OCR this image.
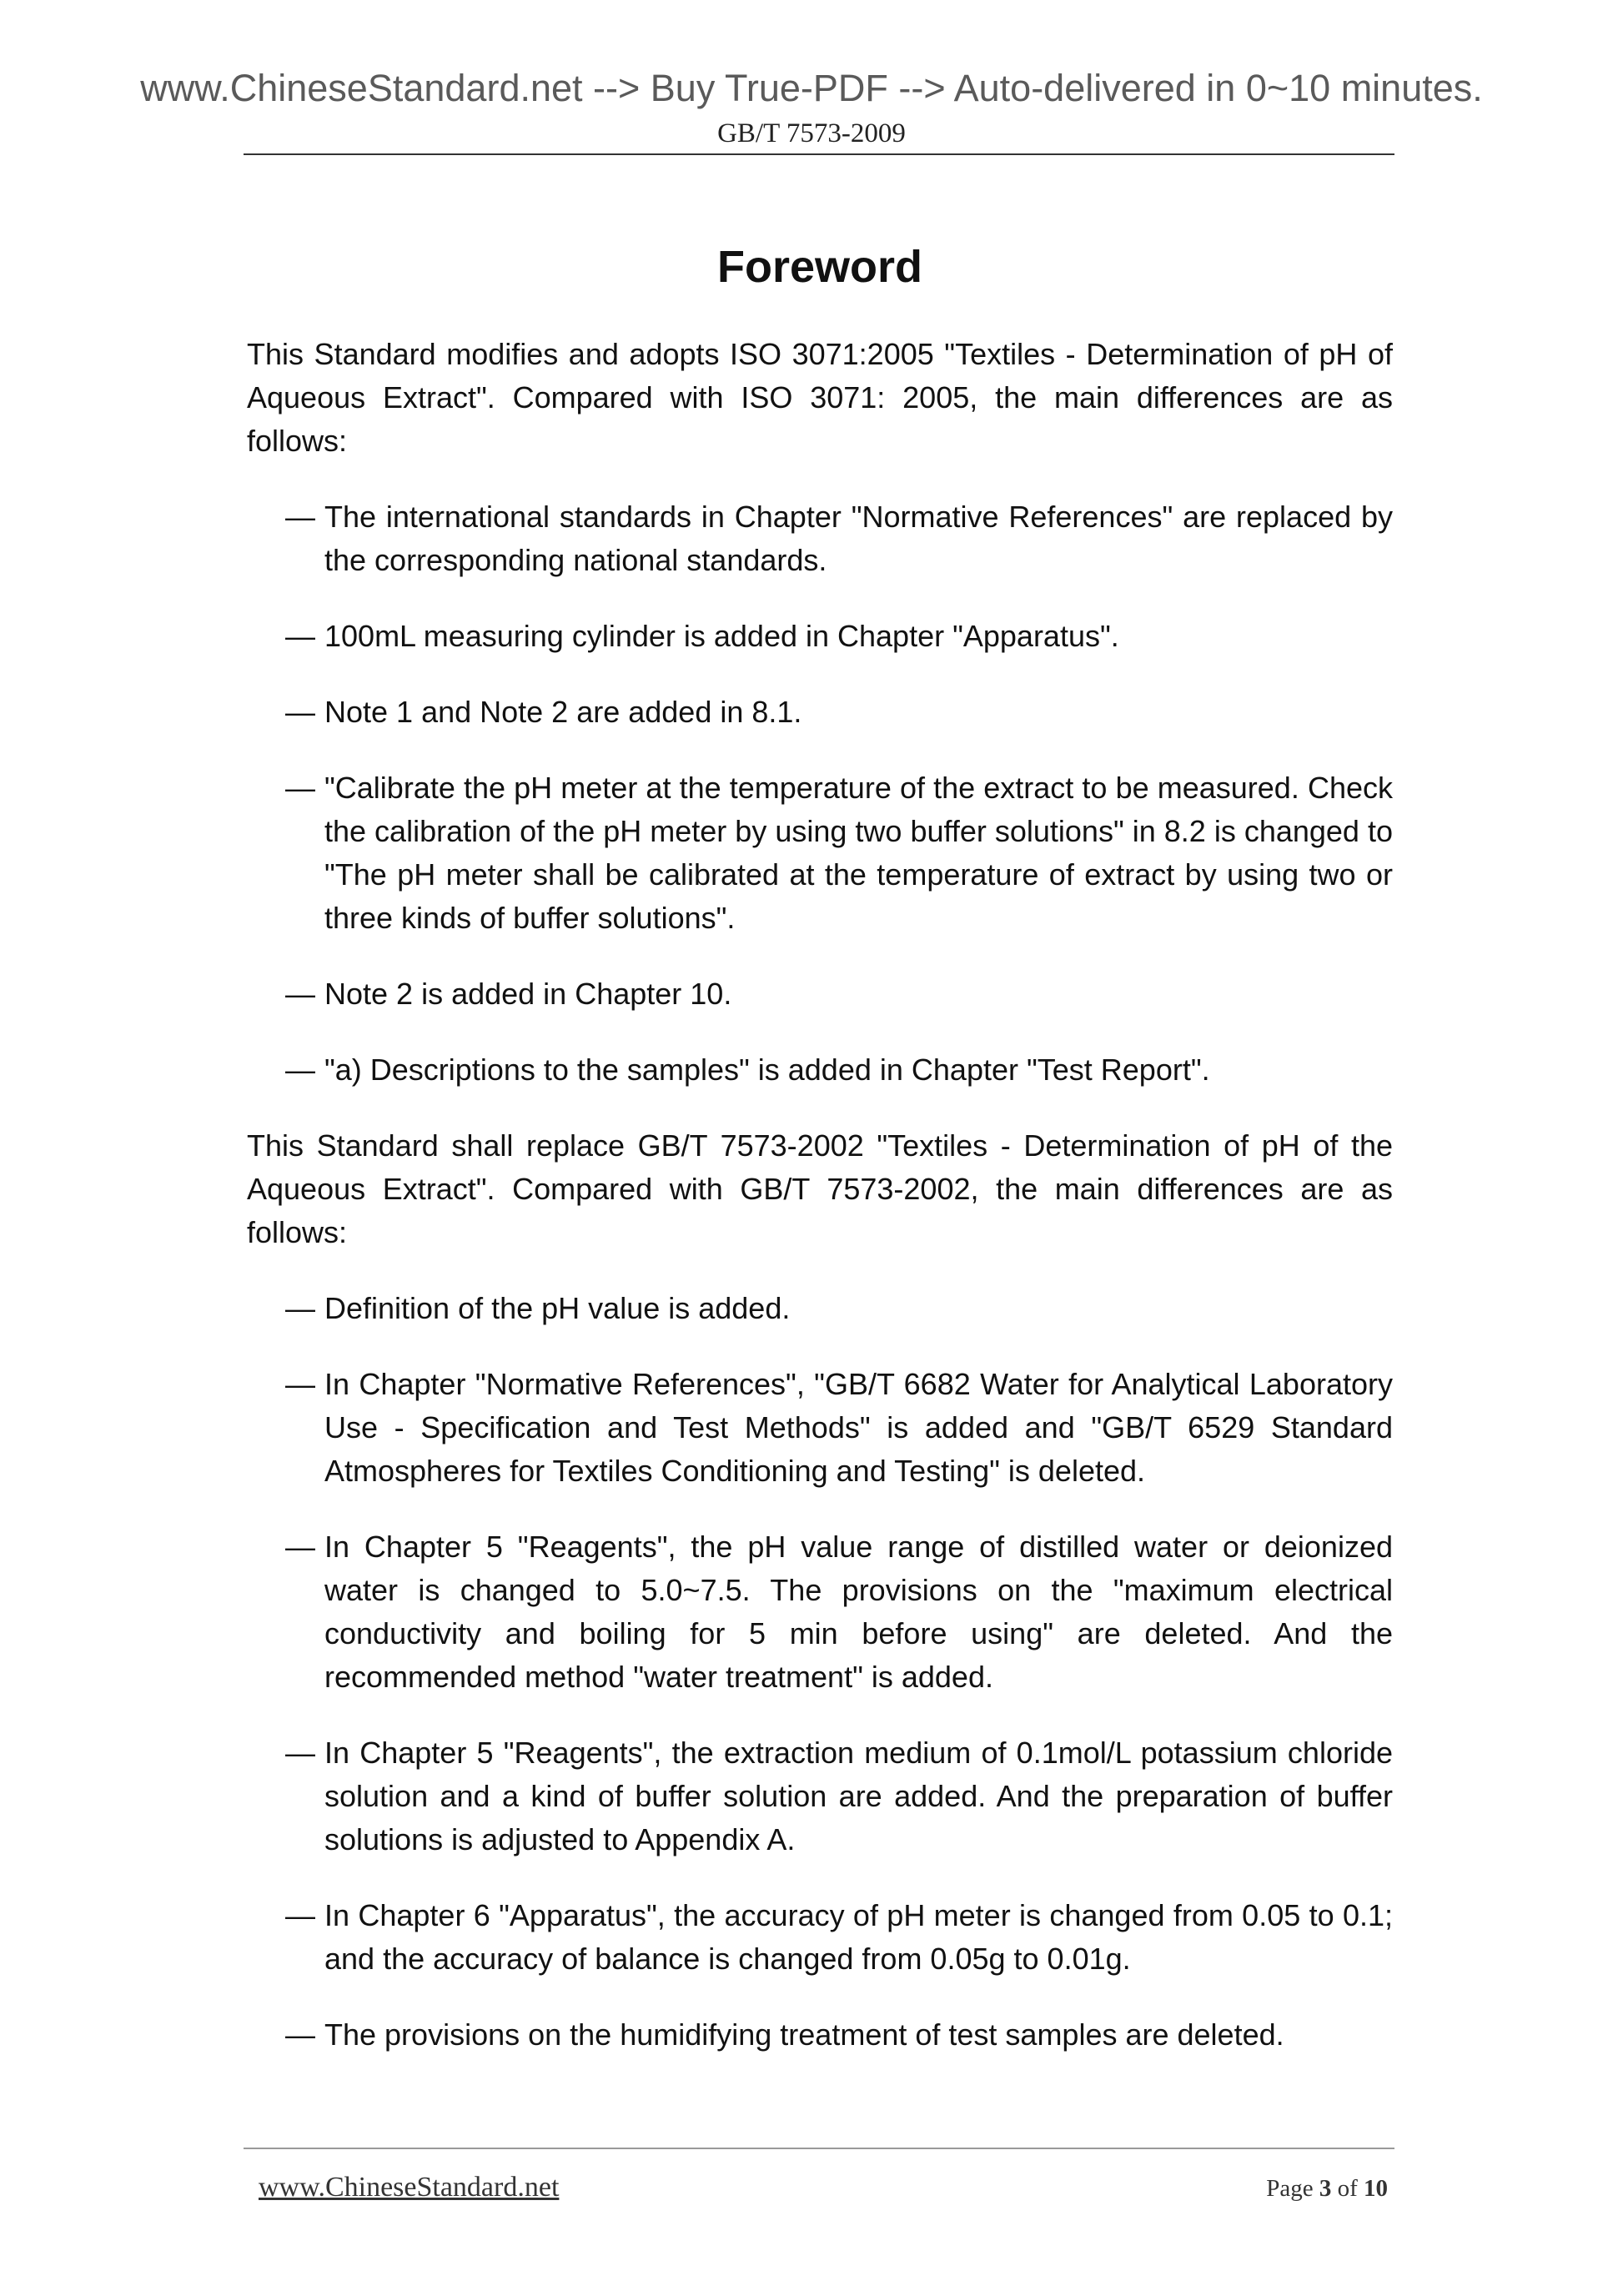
www.ChineseStandard.net --> Buy True-PDF --> Auto-delivered in 0~10 minutes.
GB/T 7573-2009
Foreword

This Standard modifies and adopts ISO 3071:2005 "Textiles - Determination of pH of Aqueous Extract". Compared with ISO 3071: 2005, the main differences are as follows:

— The international standards in Chapter "Normative References" are replaced by the corresponding national standards.
— 100mL measuring cylinder is added in Chapter "Apparatus".
— Note 1 and Note 2 are added in 8.1.
— "Calibrate the pH meter at the temperature of the extract to be measured. Check the calibration of the pH meter by using two buffer solutions" in 8.2 is changed to "The pH meter shall be calibrated at the temperature of extract by using two or three kinds of buffer solutions".
— Note 2 is added in Chapter 10.
— "a) Descriptions to the samples" is added in Chapter "Test Report".

This Standard shall replace GB/T 7573-2002 "Textiles - Determination of pH of the Aqueous Extract". Compared with GB/T 7573-2002, the main differences are as follows:

— Definition of the pH value is added.
— In Chapter "Normative References", "GB/T 6682 Water for Analytical Laboratory Use - Specification and Test Methods" is added and "GB/T 6529 Standard Atmospheres for Textiles Conditioning and Testing" is deleted.
— In Chapter 5 "Reagents", the pH value range of distilled water or deionized water is changed to 5.0~7.5. The provisions on the "maximum electrical conductivity and boiling for 5 min before using" are deleted. And the recommended method "water treatment" is added.
— In Chapter 5 "Reagents", the extraction medium of 0.1mol/L potassium chloride solution and a kind of buffer solution are added. And the preparation of buffer solutions is adjusted to Appendix A.
— In Chapter 6 "Apparatus", the accuracy of pH meter is changed from 0.05 to 0.1; and the accuracy of balance is changed from 0.05g to 0.01g.
— The provisions on the humidifying treatment of test samples are deleted.
www.ChineseStandard.net	Page 3 of 10
